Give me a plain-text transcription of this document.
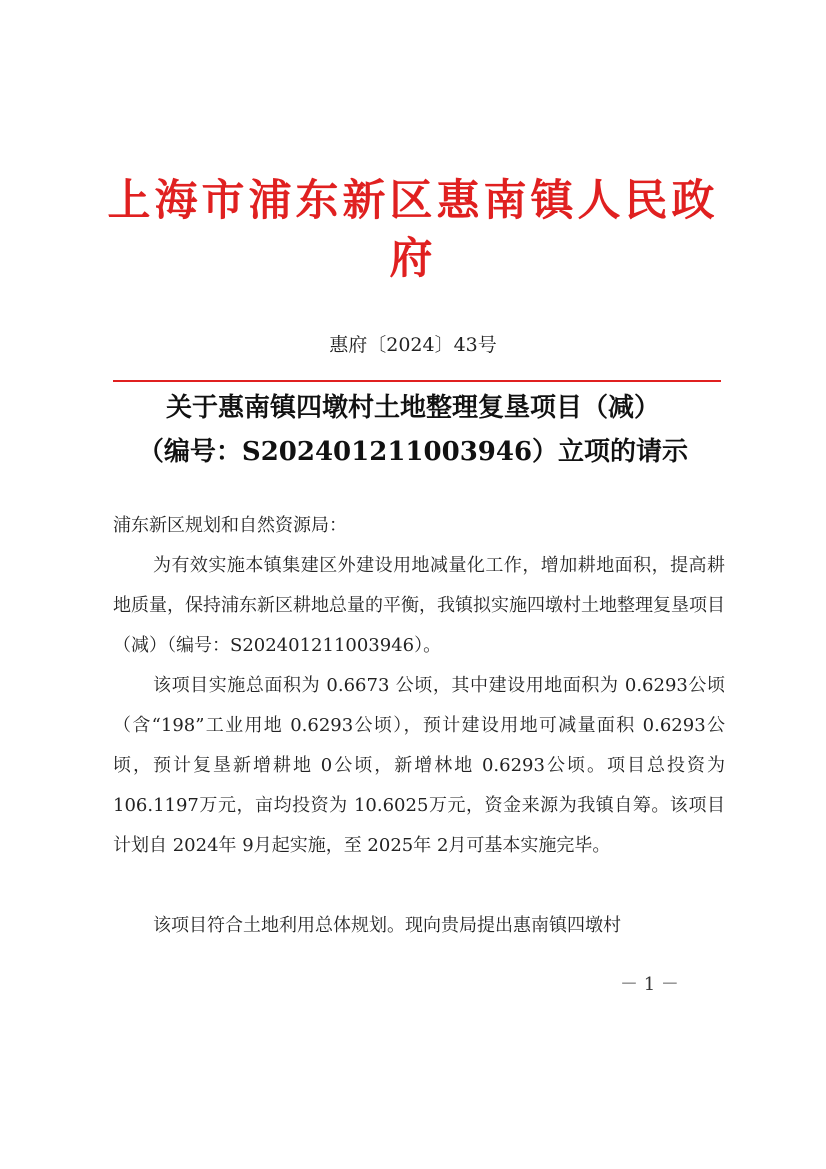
上海市浦东新区惠南镇人民政府
惠府〔2024〕43号
关于惠南镇四墩村土地整理复垦项目（减）
（编号：S202401211003946）立项的请示
浦东新区规划和自然资源局：
为有效实施本镇集建区外建设用地减量化工作，增加耕地面积，提高耕地质量，保持浦东新区耕地总量的平衡，我镇拟实施四墩村土地整理复垦项目（减）（编号：S202401211003946）。
该项目实施总面积为 0.6673 公顷，其中建设用地面积为 0.6293公顷（含“198”工业用地 0.6293公顷），预计建设用地可减量面积 0.6293公顷，预计复垦新增耕地 0公顷，新增林地 0.6293公顷。项目总投资为 106.1197万元，亩均投资为 10.6025万元，资金来源为我镇自筹。该项目计划自 2024年 9月起实施，至 2025年 2月可基本实施完毕。
该项目符合土地利用总体规划。现向贵局提出惠南镇四墩村
－ 1 －
